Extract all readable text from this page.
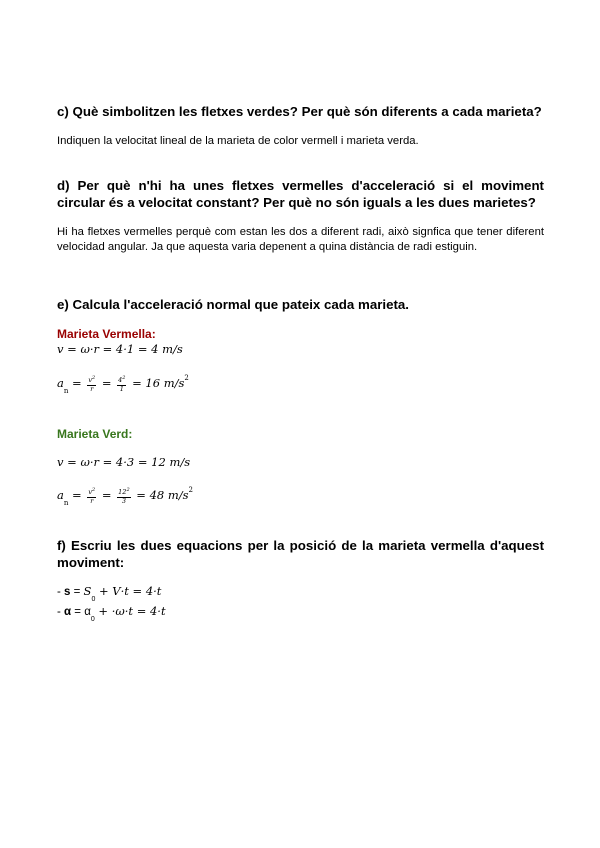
c) Què simbolitzen les fletxes verdes? Per què són diferents a cada marieta?
Indiquen la velocitat lineal de la marieta de color vermell i marieta verda.
d) Per què n'hi ha unes fletxes vermelles d'acceleració si el moviment circular és a velocitat constant? Per què no són iguals a les dues marietes?
Hi ha fletxes vermelles perquè com estan les dos a diferent radi, això signfica que tener diferent velocidad angular. Ja que aquesta varia depenent a quina distància de radi estiguin.
e) Calcula l'acceleració normal que pateix cada marieta.
Marieta Vermella:
v = ω·r = 4·1 = 4 m/s
$a_n = \frac{v^2}{r} = \frac{4^2}{1} = 16$ $m/s^2$
Marieta Verd:
v = ω·r = 4·3 = 12 m/s
$a_n = \frac{v^2}{r} = \frac{12^2}{3} = 48$ $m/s^2$
f) Escriu les dues equacions per la posició de la marieta vermella d'aquest moviment:
- $s = S_0 + V\cdot t = 4\cdot t$
- $\alpha = \alpha_0 + \cdot\omega\cdot t = 4\cdot t$
